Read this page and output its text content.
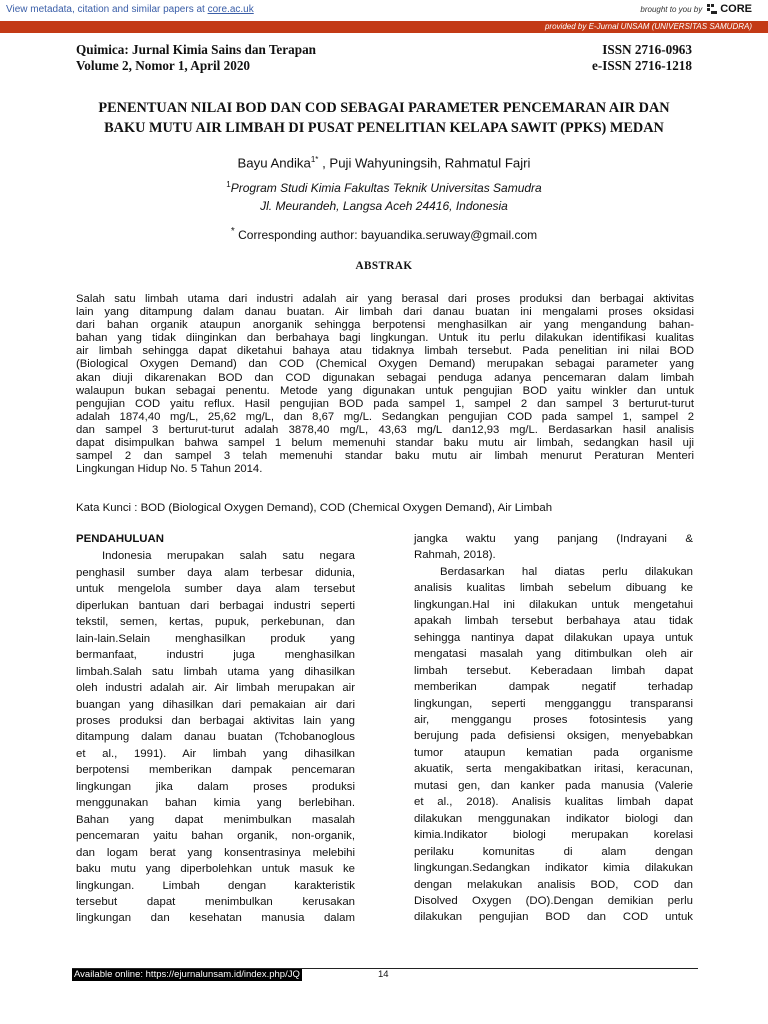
View metadata, citation and similar papers at core.ac.uk	brought to you by CORE
provided by E-Jurnal UNSAM (UNIVERSITAS SAMUDRA)
Quimica: Jurnal Kimia Sains dan Terapan
Volume 2, Nomor 1, April 2020
ISSN 2716-0963
e-ISSN 2716-1218
PENENTUAN NILAI BOD DAN COD SEBAGAI PARAMETER PENCEMARAN AIR DAN
BAKU MUTU AIR LIMBAH DI PUSAT PENELITIAN KELAPA SAWIT (PPKS) MEDAN
Bayu Andika$^{1*}$ , Puji Wahyuningsih, Rahmatul Fajri
$^1$Program Studi Kimia Fakultas Teknik Universitas Samudra
Jl. Meurandeh, Langsa Aceh 24416, Indonesia
* Corresponding author: bayuandika.seruway@gmail.com
ABSTRAK
Salah satu limbah utama dari industri adalah air yang berasal dari proses produksi dan berbagai aktivitas
lain yang ditampung dalam danau buatan. Air limbah dari danau buatan ini mengalami proses oksidasi
dari bahan organik ataupun anorganik sehingga berpotensi menghasilkan air yang mengandung bahan-
bahan yang tidak diinginkan dan berbahaya bagi lingkungan. Untuk itu perlu dilakukan identifikasi kualitas
air limbah sehingga dapat diketahui bahaya atau tidaknya limbah tersebut. Pada penelitian ini nilai BOD
(Biological Oxygen Demand) dan COD (Chemical Oxygen Demand) merupakan sebagai parameter yang
akan diuji dikarenakan BOD dan COD digunakan sebagai penduga adanya pencemaran dalam limbah
walaupun bukan sebagai penentu. Metode yang digunakan untuk pengujian BOD yaitu winkler dan untuk
pengujian COD yaitu reflux. Hasil pengujian BOD pada sampel 1, sampel 2 dan sampel 3 berturut-turut
adalah 1874,40 mg/L, 25,62 mg/L, dan 8,67 mg/L. Sedangkan pengujian COD pada sampel 1, sampel 2
dan sampel 3 berturut-turut adalah 3878,40 mg/L, 43,63 mg/L dan12,93 mg/L. Berdasarkan hasil analisis
dapat disimpulkan bahwa sampel 1 belum memenuhi standar baku mutu air limbah, sedangkan hasil uji
sampel 2 dan sampel 3 telah memenuhi standar baku mutu air limbah menurut Peraturan Menteri
Lingkungan Hidup No. 5 Tahun 2014.
Kata Kunci : BOD (Biological Oxygen Demand), COD (Chemical Oxygen Demand), Air Limbah
PENDAHULUAN
Indonesia merupakan salah satu negara
penghasil sumber daya alam terbesar didunia,
untuk mengelola sumber daya alam tersebut
diperlukan bantuan dari berbagai industri seperti
tekstil, semen, kertas, pupuk, perkebunan, dan
lain-lain.Selain menghasilkan produk yang
bermanfaat, industri juga menghasilkan
limbah.Salah satu limbah utama yang dihasilkan
oleh industri adalah air. Air limbah merupakan air
buangan yang dihasilkan dari pemakaian air dari
proses produksi dan berbagai aktivitas lain yang
ditampung dalam danau buatan (Tchobanoglous
et al., 1991). Air limbah yang dihasilkan
berpotensi memberikan dampak pencemaran
lingkungan jika dalam proses produksi
menggunakan bahan kimia yang berlebihan.
Bahan yang dapat menimbulkan masalah
pencemaran yaitu bahan organik, non-organik,
dan logam berat yang konsentrasinya melebihi
baku mutu yang diperbolehkan untuk masuk ke
lingkungan. Limbah dengan karakteristik
tersebut dapat menimbulkan kerusakan
lingkungan dan kesehatan manusia dalam
jangka waktu yang panjang (Indrayani &
Rahmah, 2018).
Berdasarkan hal diatas perlu dilakukan
analisis kualitas limbah sebelum dibuang ke
lingkungan.Hal ini dilakukan untuk mengetahui
apakah limbah tersebut berbahaya atau tidak
sehingga nantinya dapat dilakukan upaya untuk
mengatasi masalah yang ditimbulkan oleh air
limbah tersebut. Keberadaan limbah dapat
memberikan dampak negatif terhadap
lingkungan, seperti mengganggu transparansi
air, menggangu proses fotosintesis yang
berujung pada defisiensi oksigen, menyebabkan
tumor ataupun kematian pada organisme
akuatik, serta mengakibatkan iritasi, keracunan,
mutasi gen, dan kanker pada manusia (Valerie
et al., 2018). Analisis kualitas limbah dapat
dilakukan menggunakan indikator biologi dan
kimia.Indikator biologi merupakan korelasi
perilaku komunitas di alam dengan
lingkungan.Sedangkan indikator kimia dilakukan
dengan melakukan analisis BOD, COD dan
Disolved Oxygen (DO).Dengan demikian perlu
dilakukan pengujian BOD dan COD untuk
Available online: https://ejurnalunsam.id/index.php/JQ	14
